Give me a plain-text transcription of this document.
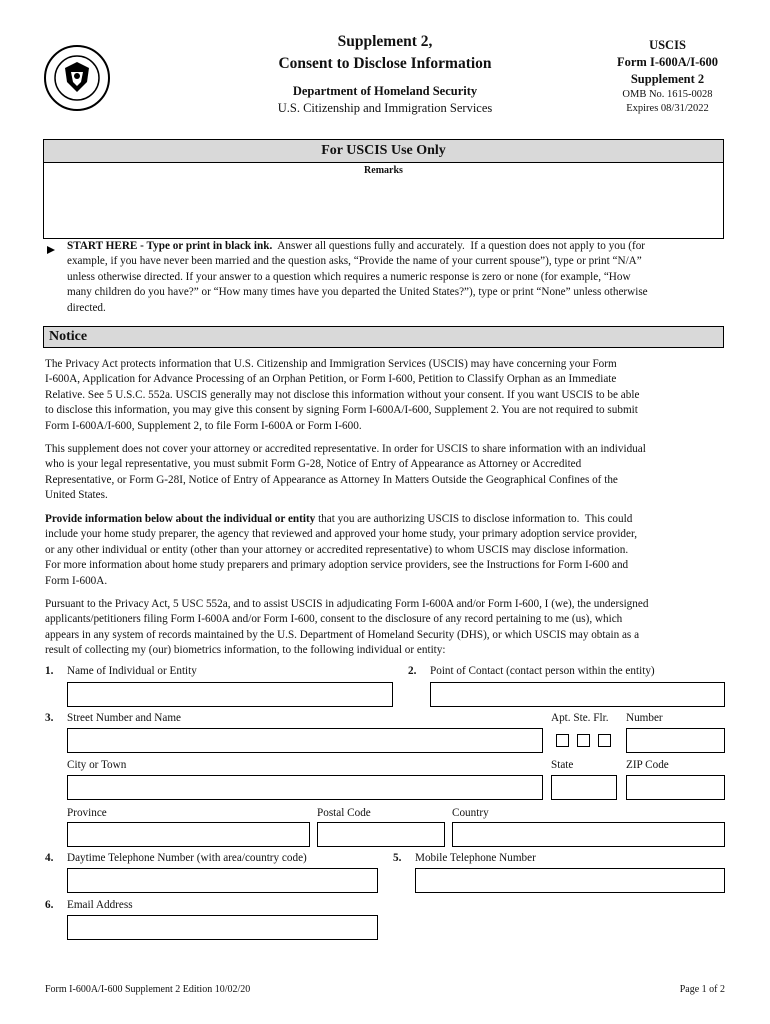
Supplement 2,
Consent to Disclose Information
Department of Homeland Security
U.S. Citizenship and Immigration Services
USCIS
Form I-600A/I-600
Supplement 2
OMB No. 1615-0028
Expires 08/31/2022
For USCIS Use Only
Remarks
START HERE - Type or print in black ink.  Answer all questions fully and accurately.  If a question does not apply to you (for
example, if you have never been married and the question asks, “Provide the name of your current spouse”), type or print “N/A”
unless otherwise directed. If your answer to a question which requires a numeric response is zero or none (for example, “How
many children do you have?” or “How many times have you departed the United States?”), type or print “None” unless otherwise
directed.
Notice
The Privacy Act protects information that U.S. Citizenship and Immigration Services (USCIS) may have concerning your Form
I-600A, Application for Advance Processing of an Orphan Petition, or Form I-600, Petition to Classify Orphan as an Immediate
Relative. See 5 U.S.C. 552a. USCIS generally may not disclose this information without your consent. If you want USCIS to be able
to disclose this information, you may give this consent by signing Form I-600A/I-600, Supplement 2. You are not required to submit
Form I-600A/I-600, Supplement 2, to file Form I-600A or Form I-600.
This supplement does not cover your attorney or accredited representative. In order for USCIS to share information with an individual
who is your legal representative, you must submit Form G-28, Notice of Entry of Appearance as Attorney or Accredited
Representative, or Form G-28I, Notice of Entry of Appearance as Attorney In Matters Outside the Geographical Confines of the
United States.
Provide information below about the individual or entity that you are authorizing USCIS to disclose information to.  This could
include your home study preparer, the agency that reviewed and approved your home study, your primary adoption service provider,
or any other individual or entity (other than your attorney or accredited representative) to whom USCIS may disclose information.
For more information about home study preparers and primary adoption service providers, see the Instructions for Form I-600 and
Form I-600A.
Pursuant to the Privacy Act, 5 USC 552a, and to assist USCIS in adjudicating Form I-600A and/or Form I-600, I (we), the undersigned
applicants/petitioners filing Form I-600A and/or Form I-600, consent to the disclosure of any record pertaining to me (us), which
appears in any system of records maintained by the U.S. Department of Homeland Security (DHS), or which USCIS may obtain as a
result of collecting my (our) biometrics information, to the following individual or entity:
1. Name of Individual or Entity	2. Point of Contact (contact person within the entity)
3. Street Number and Name	Apt. Ste. Flr. Number
City or Town	State	ZIP Code
Province	Postal Code	Country
4. Daytime Telephone Number (with area/country code)	5. Mobile Telephone Number
6. Email Address
Form I-600A/I-600 Supplement 2 Edition 10/02/20	Page 1 of 2
